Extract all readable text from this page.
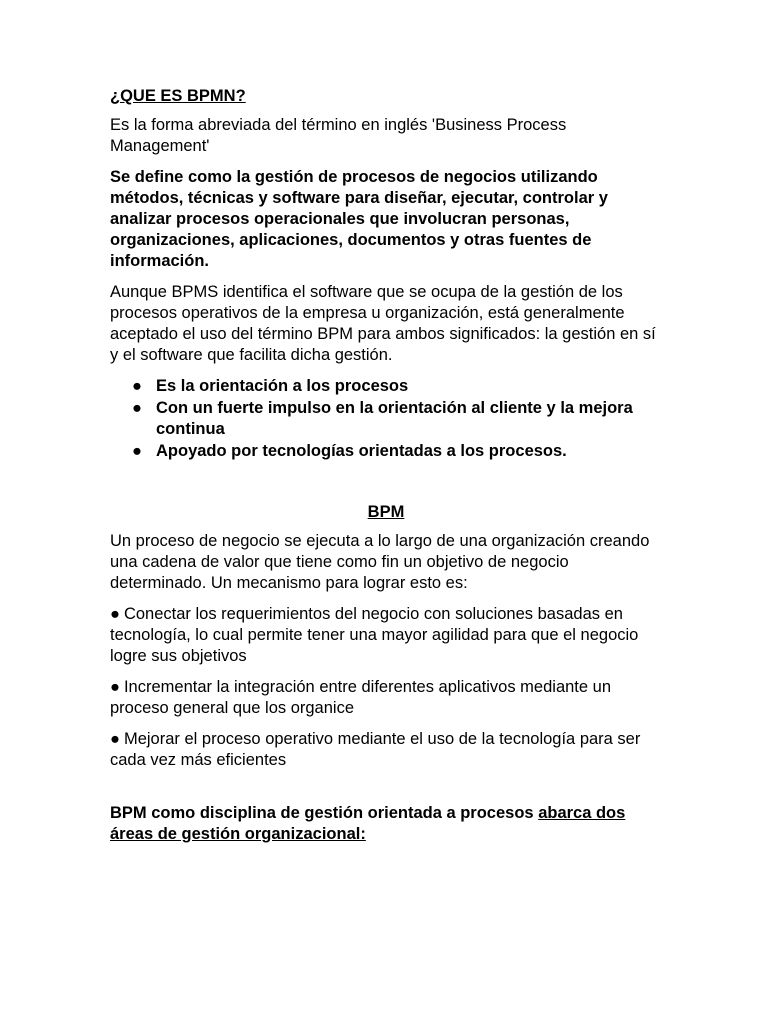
¿QUE ES BPMN?

Es la forma abreviada del término en inglés 'Business Process Management'

Se define como la gestión de procesos de negocios utilizando métodos, técnicas y software para diseñar, ejecutar, controlar y analizar procesos operacionales que involucran personas, organizaciones, aplicaciones, documentos y otras fuentes de información.

Aunque BPMS identifica el software que se ocupa de la gestión de los procesos operativos de la empresa u organización, está generalmente aceptado el uso del término BPM para ambos significados: la gestión en sí y el software que facilita dicha gestión.

● Es la orientación a los procesos
● Con un fuerte impulso en la orientación al cliente y la mejora continua
● Apoyado por tecnologías orientadas a los procesos.
BPM

Un proceso de negocio se ejecuta a lo largo de una organización creando una cadena de valor que tiene como fin un objetivo de negocio determinado. Un mecanismo para lograr esto es:

● Conectar los requerimientos del negocio con soluciones basadas en tecnología, lo cual permite tener una mayor agilidad para que el negocio logre sus objetivos

● Incrementar la integración entre diferentes aplicativos mediante un proceso general que los organice

● Mejorar el proceso operativo mediante el uso de la tecnología para ser cada vez más eficientes

BPM como disciplina de gestión orientada a procesos abarca dos áreas de gestión organizacional:
